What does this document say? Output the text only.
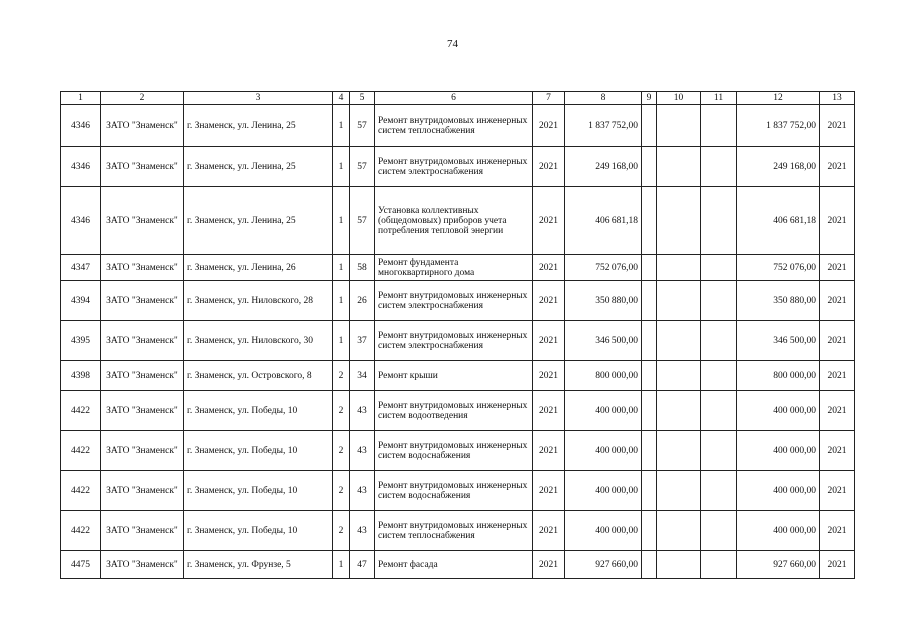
74
1	2	3	4	5	6	7	8	9	10	11	12	13
4346	ЗАТО "Знаменск"	г. Знаменск, ул. Ленина, 25	1	57	Ремонт внутридомовых инженерных систем теплоснабжения	2021	1 837 752,00				1 837 752,00	2021
4346	ЗАТО "Знаменск"	г. Знаменск, ул. Ленина, 25	1	57	Ремонт внутридомовых инженерных систем электроснабжения	2021	249 168,00				249 168,00	2021
4346	ЗАТО "Знаменск"	г. Знаменск, ул. Ленина, 25	1	57	Установка коллективных (общедомовых) приборов учета потребления тепловой энергии	2021	406 681,18				406 681,18	2021
4347	ЗАТО "Знаменск"	г. Знаменск, ул. Ленина, 26	1	58	Ремонт фундамента многоквартирного дома	2021	752 076,00				752 076,00	2021
4394	ЗАТО "Знаменск"	г. Знаменск, ул. Ниловского, 28	1	26	Ремонт внутридомовых инженерных систем электроснабжения	2021	350 880,00				350 880,00	2021
4395	ЗАТО "Знаменск"	г. Знаменск, ул. Ниловского, 30	1	37	Ремонт внутридомовых инженерных систем электроснабжения	2021	346 500,00				346 500,00	2021
4398	ЗАТО "Знаменск"	г. Знаменск, ул. Островского, 8	2	34	Ремонт крыши	2021	800 000,00				800 000,00	2021
4422	ЗАТО "Знаменск"	г. Знаменск, ул. Победы, 10	2	43	Ремонт внутридомовых инженерных систем водоотведения	2021	400 000,00				400 000,00	2021
4422	ЗАТО "Знаменск"	г. Знаменск, ул. Победы, 10	2	43	Ремонт внутридомовых инженерных систем водоснабжения	2021	400 000,00				400 000,00	2021
4422	ЗАТО "Знаменск"	г. Знаменск, ул. Победы, 10	2	43	Ремонт внутридомовых инженерных систем водоснабжения	2021	400 000,00				400 000,00	2021
4422	ЗАТО "Знаменск"	г. Знаменск, ул. Победы, 10	2	43	Ремонт внутридомовых инженерных систем теплоснабжения	2021	400 000,00				400 000,00	2021
4475	ЗАТО "Знаменск"	г. Знаменск, ул. Фрунзе, 5	1	47	Ремонт фасада	2021	927 660,00				927 660,00	2021
